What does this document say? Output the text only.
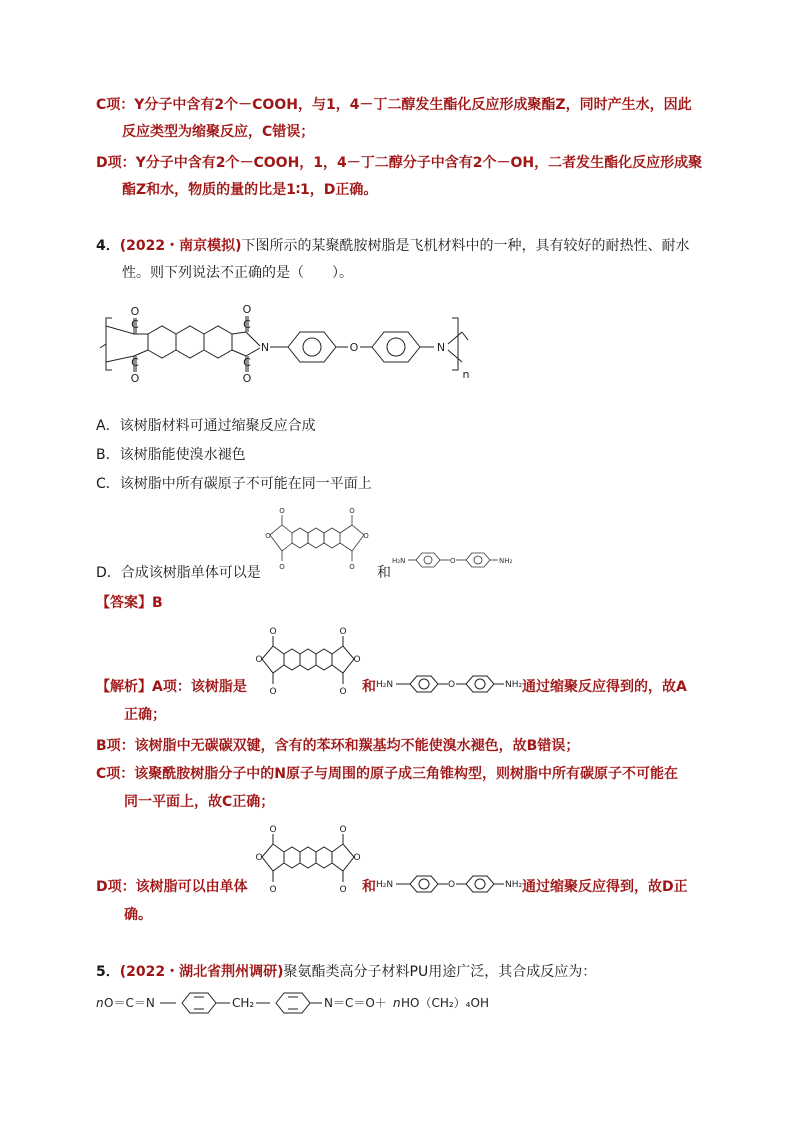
C项：Y分子中含有2个－COOH，与1，4－丁二醇发生酯化反应形成聚酯Z，同时产生水，因此
反应类型为缩聚反应，C错误；
D项：Y分子中含有2个－COOH，1，4－丁二醇分子中含有2个－OH，二者发生酯化反应形成聚
酯Z和水，物质的量的比是1∶1，D正确。
4．(2022・南京模拟)下图所示的某聚酰胺树脂是飞机材料中的一种，具有较好的耐热性、耐水
性。则下列说法不正确的是（　　）。
O
C
C
O
O
C
C
O
N	O	N
n
A．该树脂材料可通过缩聚反应合成
B．该树脂能使溴水褪色
C．该树脂中所有碳原子不可能在同一平面上
O
O
O
O
O	O
D．合成该树脂单体可以是	和
H₂N	O	NH₂
【答案】B
O
O
O
O
O	O
【解析】A项：该树脂是	和 H₂N	O	NH₂ 通过缩聚反应得到的，故A
正确；
B项：该树脂中无碳碳双键，含有的苯环和羰基均不能使溴水褪色，故B错误；
C项：该聚酰胺树脂分子中的N原子与周围的原子成三角锥构型，则树脂中所有碳原子不可能在
同一平面上，故C正确；
O
O
O
O
O	O
D项：该树脂可以由单体	和 H₂N	O	NH₂ 通过缩聚反应得到，故D正
确。
5．(2022・湖北省荆州调研)聚氨酯类高分子材料PU用途广泛，其合成反应为：
n O＝C＝N	CH₂	N＝C＝O＋ n HO（CH₂）₄OH
